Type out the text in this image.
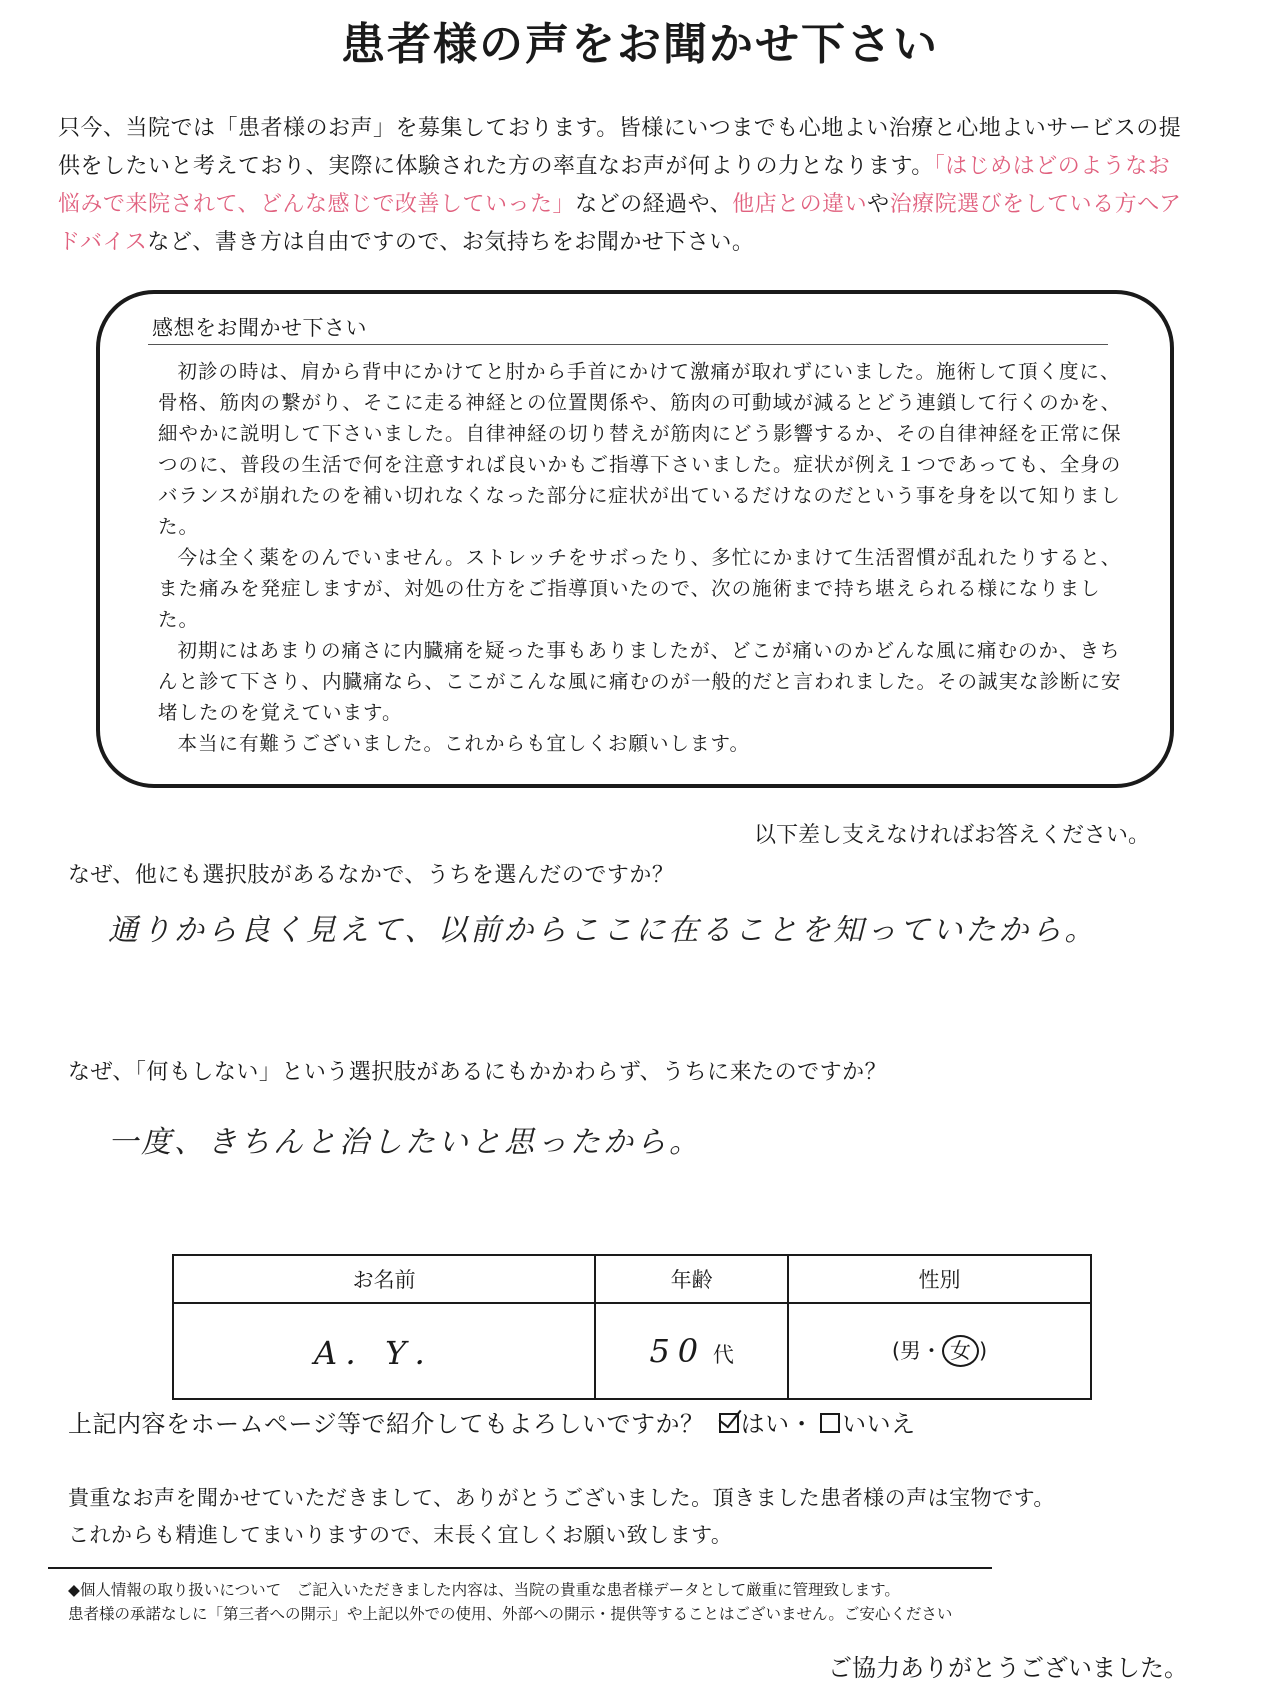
患者様の声をお聞かせ下さい
只今、当院では「患者様のお声」を募集しております。皆様にいつまでも心地よい治療と心地よいサービスの提供をしたいと考えており、実際に体験された方の率直なお声が何よりの力となります。「はじめはどのようなお悩みで来院されて、どんな感じで改善していった」などの経過や、他店との違いや治療院選びをしている方へアドバイスなど、書き方は自由ですので、お気持ちをお聞かせ下さい。
感想をお聞かせ下さい

初診の時は、肩から背中にかけてと肘から手首にかけて激痛が取れずにいました。施術して頂く度に、骨格、筋肉の繋がり、そこに走る神経との位置関係や、筋肉の可動域が減るとどう連鎖して行くのかを、細やかに説明して下さいました。自律神経の切り替えが筋肉にどう影響するか、その自律神経を正常に保つのに、普段の生活で何を注意すれば良いかもご指導下さいました。症状が例え１つであっても、全身のバランスが崩れたのを補い切れなくなった部分に症状が出ているだけなのだという事を身を以て知りました。

今は全く薬をのんでいません。ストレッチをサボったり、多忙にかまけて生活習慣が乱れたりすると、また痛みを発症しますが、対処の仕方をご指導頂いたので、次の施術まで持ち堪えられる様になりました。

初期にはあまりの痛さに内臓痛を疑った事もありましたが、どこが痛いのかどんな風に痛むのか、きちんと診て下さり、内臓痛なら、ここがこんな風に痛むのが一般的だと言われました。その誠実な診断に安堵したのを覚えています。

本当に有難うございました。これからも宜しくお願いします。

以下差し支えなければお答えください。
なぜ、他にも選択肢があるなかで、うちを選んだのですか？
通りから良く見えて、以前からここに在ることを知っていたから。
なぜ、「何もしない」という選択肢があるにもかかわらず、うちに来たのですか？
一度、きちんと治したいと思ったから。
お名前	年齢	性別
A．Y．	50 代	(男・ 女 )
上記内容をホームページ等で紹介してもよろしいですか？ はい・ いいえ
貴重なお声を聞かせていただきまして、ありがとうございました。頂きました患者様の声は宝物です。
これからも精進してまいりますので、末長く宜しくお願い致します。
◆個人情報の取り扱いについて　ご記入いただきました内容は、当院の貴重な患者様データとして厳重に管理致します。
患者様の承諾なしに「第三者への開示」や上記以外での使用、外部への開示・提供等することはございません。ご安心ください
ご協力ありがとうございました。
